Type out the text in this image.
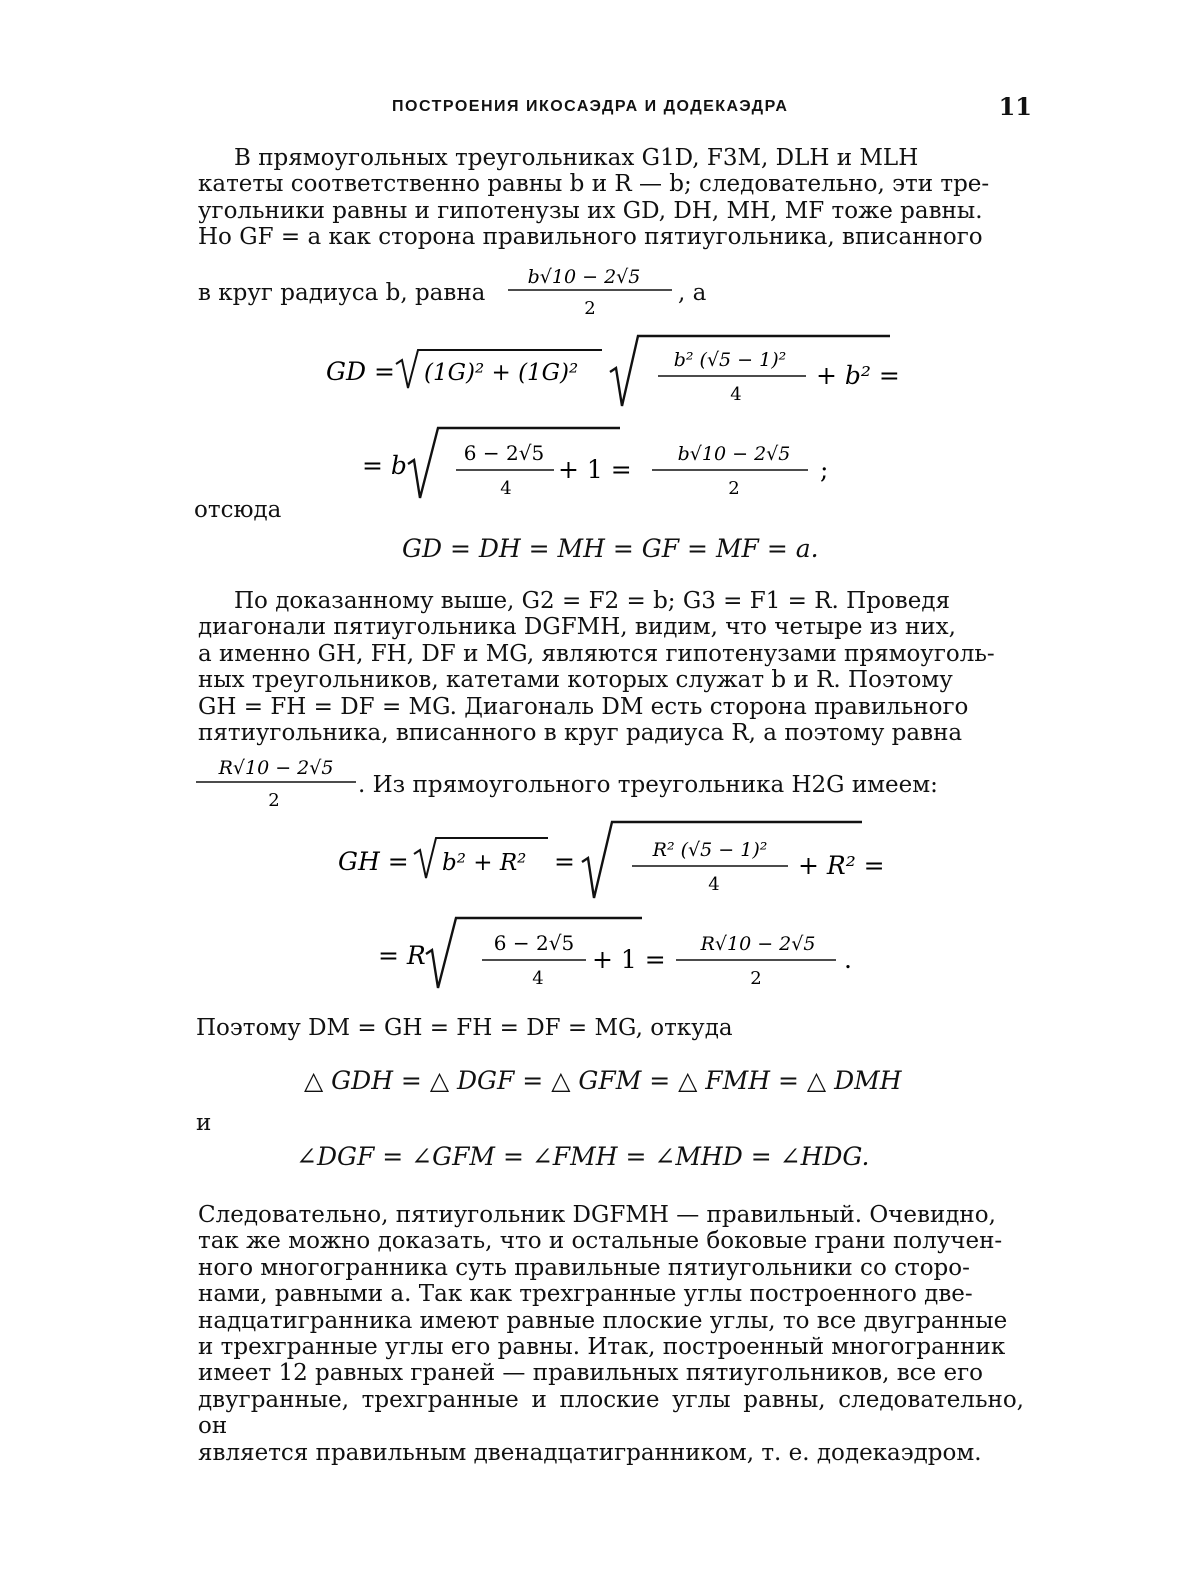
ПОСТРОЕНИЯ ИКОСАЭДРА И ДОДЕКАЭДРА	11

В прямоугольных треугольниках G1D, F3M, DLH и MLH

катеты соответственно равны b и R — b; следовательно, эти тре-

угольники равны и гипотенузы их GD, DH, MH, MF тоже равны.

Но GF = a как сторона правильного пятиугольника, вписанного

в круг радиуса b, равна
b√10 − 2√5
2
, a
GD = (1G)² + (1G)²	b² (√5 − 1)²
4
+ b² =
= b	6 − 2√5
4
+ 1 =
b√10 − 2√5
2
;
отсюда
GD = DH = MH = GF = MF = a.

По доказанному выше, G2 = F2 = b; G3 = F1 = R. Проведя

диагонали пятиугольника DGFMH, видим, что четыре из них,

а именно GH, FH, DF и MG, являются гипотенузами прямоуголь-

ных треугольников, катетами которых служат b и R. Поэтому

GH = FH = DF = MG. Диагональ DM есть сторона правильного

пятиугольника, вписанного в круг радиуса R, а поэтому равна

R√10 − 2√5
2
. Из прямоугольного треугольника H2G имеем:
GH = b² + R² =	R² (√5 − 1)²
4
+ R² =
= R	6 − 2√5
4
+ 1 =
R√10 − 2√5
2
.
Поэтому DM = GH = FH = DF = MG, откуда
△ GDH = △ DGF = △ GFM = △ FMH = △ DMH
и
∠DGF = ∠GFM = ∠FMH = ∠MHD = ∠HDG.

Следовательно, пятиугольник DGFMH — правильный. Очевидно,

так же можно доказать, что и остальные боковые грани получен-

ного многогранника суть правильные пятиугольники со сторо-

нами, равными a. Так как трехгранные углы построенного две-

надцатигранника имеют равные плоские углы, то все двугранные

и трехгранные углы его равны. Итак, построенный многогранник

имеет 12 равных граней — правильных пятиугольников, все его

двугранные, трехгранные и плоские углы равны, следовательно, он

является правильным двенадцатигранником, т. е. додекаэдром.
